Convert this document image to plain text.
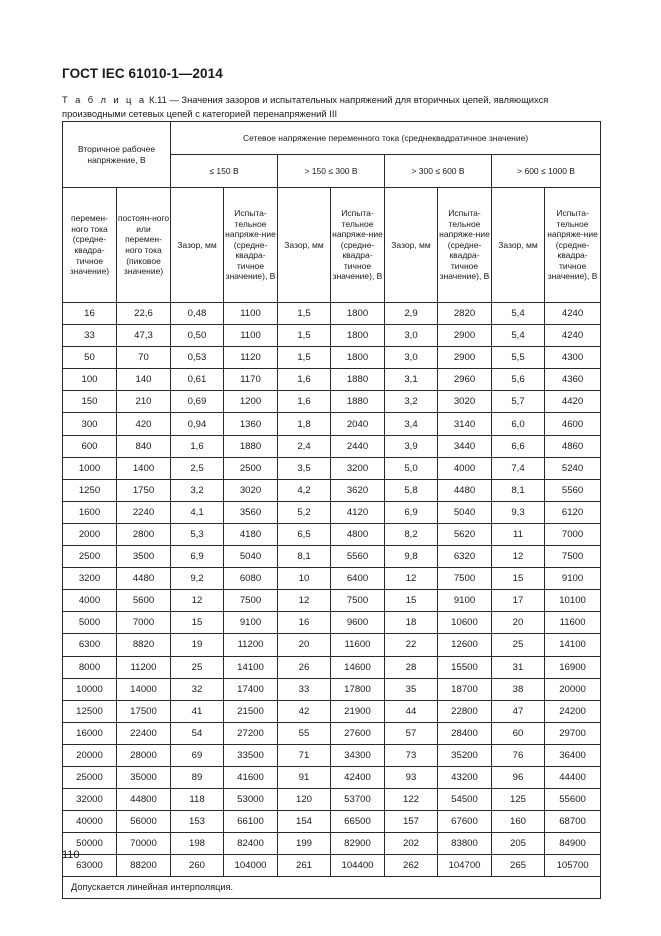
ГОСТ IEC 61010-1—2014
Т а б л и ц а К.11 — Значения зазоров и испытательных напряжений для вторичных цепей, являющихся производными сетевых цепей с категорией перенапряжений III
Вторичное рабочее напряжение, В		Сетевое напряжение переменного тока (среднеквадратичное значение)							
		≤ 150 В		> 150 ≤ 300 В		> 300 ≤ 600 В		> 600 ≤ 1000 В	
перемен-ного тока (средне-квадра-тичное значение)	постоян-ного или перемен-ного тока (пиковое значение)	Зазор, мм	Испыта-тельное напряже-ние (средне-квадра-тичное значение), В	Зазор, мм	Испыта-тельное напряже-ние (средне-квадра-тичное значение), В	Зазор, мм	Испыта-тельное напряже-ние (средне-квадра-тичное значение), В	Зазор, мм	Испыта-тельное напряже-ние (средне-квадра-тичное значение), В
16	22,6	0,48	1100	1,5	1800	2,9	2820	5,4	4240
33	47,3	0,50	1100	1,5	1800	3,0	2900	5,4	4240
50	70	0,53	1120	1,5	1800	3,0	2900	5,5	4300
100	140	0,61	1170	1,6	1880	3,1	2960	5,6	4360
150	210	0,69	1200	1,6	1880	3,2	3020	5,7	4420
300	420	0,94	1360	1,8	2040	3,4	3140	6,0	4600
600	840	1,6	1880	2,4	2440	3,9	3440	6,6	4860
1000	1400	2,5	2500	3,5	3200	5,0	4000	7,4	5240
1250	1750	3,2	3020	4,2	3620	5,8	4480	8,1	5560
1600	2240	4,1	3560	5,2	4120	6,9	5040	9,3	6120
2000	2800	5,3	4180	6,5	4800	8,2	5620	11	7000
2500	3500	6,9	5040	8,1	5560	9,8	6320	12	7500
3200	4480	9,2	6080	10	6400	12	7500	15	9100
4000	5600	12	7500	12	7500	15	9100	17	10100
5000	7000	15	9100	16	9600	18	10600	20	11600
6300	8820	19	11200	20	11600	22	12600	25	14100
8000	11200	25	14100	26	14600	28	15500	31	16900
10000	14000	32	17400	33	17800	35	18700	38	20000
12500	17500	41	21500	42	21900	44	22800	47	24200
16000	22400	54	27200	55	27600	57	28400	60	29700
20000	28000	69	33500	71	34300	73	35200	76	36400
25000	35000	89	41600	91	42400	93	43200	96	44400
32000	44800	118	53000	120	53700	122	54500	125	55600
40000	56000	153	66100	154	66500	157	67600	160	68700
50000	70000	198	82400	199	82900	202	83800	205	84900
63000	88200	260	104000	261	104400	262	104700	265	105700
Допускается линейная интерполяция.									
110
